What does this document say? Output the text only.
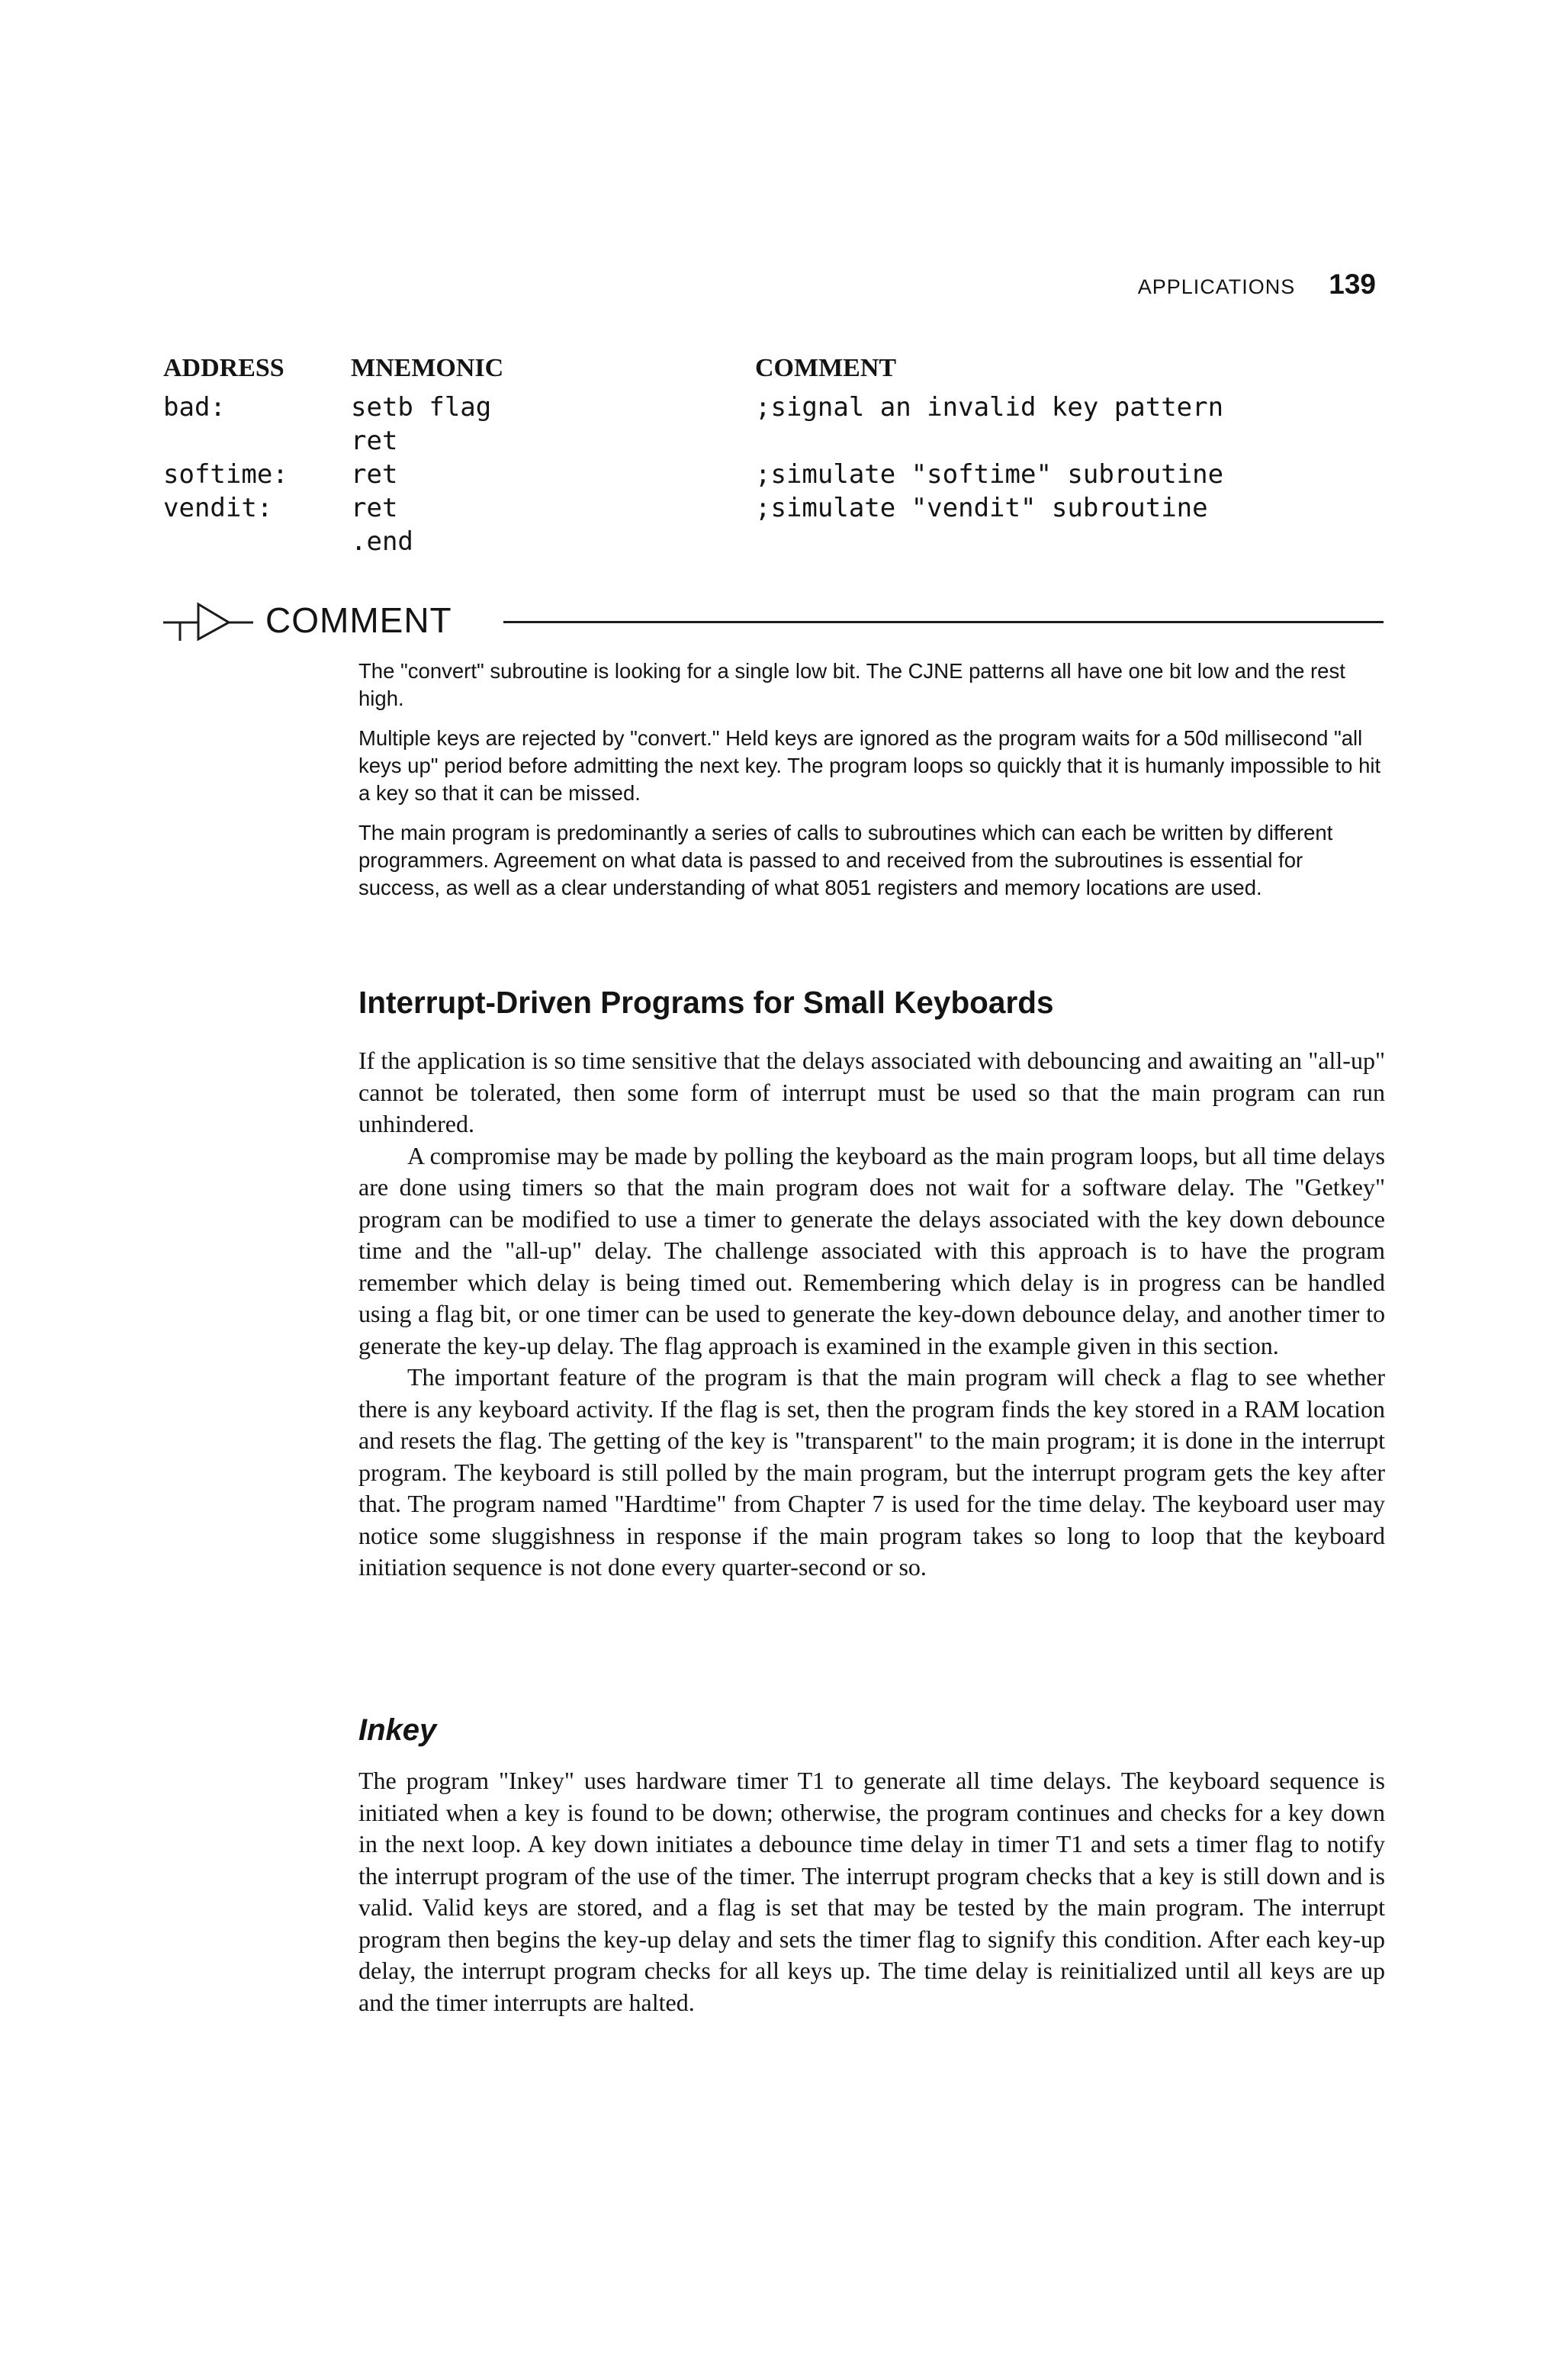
APPLICATIONS 139
ADDRESS	MNEMONIC	COMMENT
bad:	setb flag	;signal an invalid key pattern
ret
softime: ret	;simulate "softime" subroutine
vendit:	ret	;simulate "vendit" subroutine
.end
COMMENT

The "convert" subroutine is looking for a single low bit. The CJNE patterns all have one bit low and the rest high.

Multiple keys are rejected by "convert." Held keys are ignored as the program waits for a 50d millisecond "all keys up" period before admitting the next key. The program loops so quickly that it is humanly impossible to hit a key so that it can be missed.

The main program is predominantly a series of calls to subroutines which can each be written by different programmers. Agreement on what data is passed to and received from the subroutines is essential for success, as well as a clear understanding of what 8051 registers and memory locations are used.

Interrupt-Driven Programs for Small Keyboards

If the application is so time sensitive that the delays associated with debouncing and awaiting an "all-up" cannot be tolerated, then some form of interrupt must be used so that the main program can run unhindered.

A compromise may be made by polling the keyboard as the main program loops, but all time delays are done using timers so that the main program does not wait for a software delay. The "Getkey" program can be modified to use a timer to generate the delays associated with the key down debounce time and the "all-up" delay. The challenge associated with this approach is to have the program remember which delay is being timed out. Remembering which delay is in progress can be handled using a flag bit, or one timer can be used to generate the key-down debounce delay, and another timer to generate the key-up delay. The flag approach is examined in the example given in this section.

The important feature of the program is that the main program will check a flag to see whether there is any keyboard activity. If the flag is set, then the program finds the key stored in a RAM location and resets the flag. The getting of the key is "transparent" to the main program; it is done in the interrupt program. The keyboard is still polled by the main program, but the interrupt program gets the key after that. The program named "Hardtime" from Chapter 7 is used for the time delay. The keyboard user may notice some sluggishness in response if the main program takes so long to loop that the keyboard initiation sequence is not done every quarter-second or so.

Inkey

The program "Inkey" uses hardware timer T1 to generate all time delays. The keyboard sequence is initiated when a key is found to be down; otherwise, the program continues and checks for a key down in the next loop. A key down initiates a debounce time delay in timer T1 and sets a timer flag to notify the interrupt program of the use of the timer. The interrupt program checks that a key is still down and is valid. Valid keys are stored, and a flag is set that may be tested by the main program. The interrupt program then begins the key-up delay and sets the timer flag to signify this condition. After each key-up delay, the interrupt program checks for all keys up. The time delay is reinitialized until all keys are up and the timer interrupts are halted.
